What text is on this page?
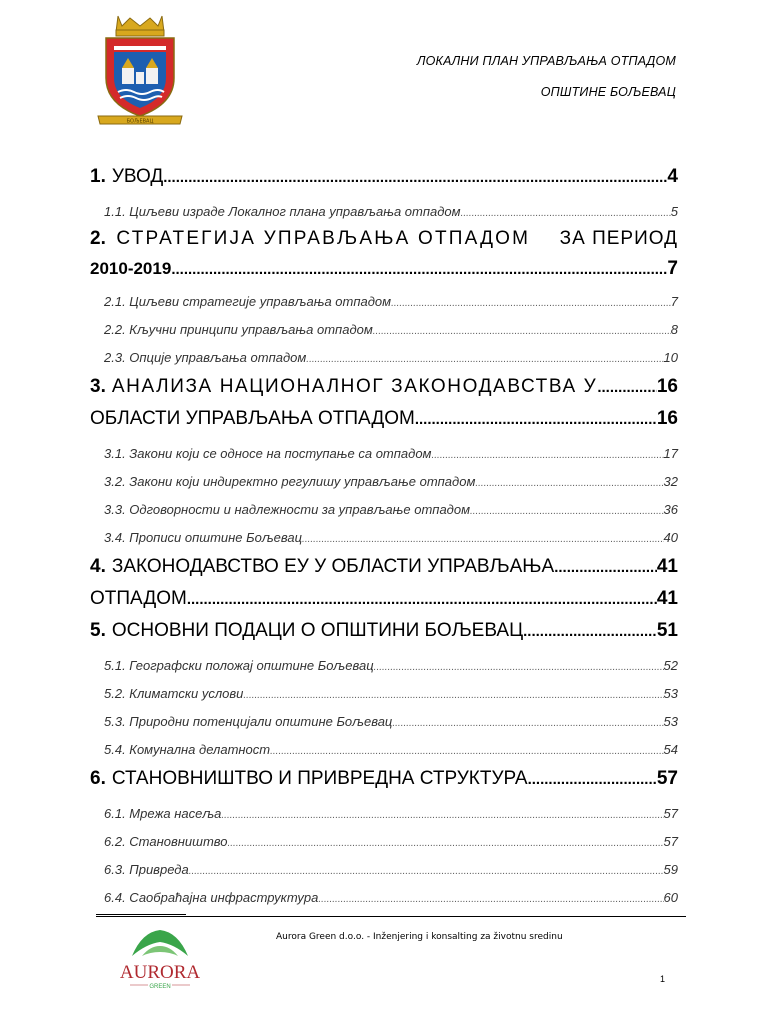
БОЉЕВАЦ
ЛОКАЛНИ ПЛАН УПРАВЉАЊА ОТПАДОМ
ОПШТИНЕ БОЉЕВАЦ
1. УВОД .....	4
1.1. Циљеви израде Локалног плана управљања отпадом .....	5
2. СТРАТЕГИЈА УПРАВЉАЊА ОТПАДОМ ЗА ПЕРИОД
2010-2019 .....	7
2.1. Циљеви стратегије управљања отпадом .....	7
2.2. Кључни принципи управљања отпадом .....	8
2.3. Опције управљања отпадом .....	10
3. АНАЛИЗА НАЦИОНАЛНОГ ЗАКОНОДАВСТВА У .....	16
ОБЛАСТИ УПРАВЉАЊА ОТПАДОМ .....	16
3.1. Закони који се односе на поступање са отпадом .....	17
3.2. Закони који индиректно регулишу управљање отпадом .....	32
3.3. Одговорности и надлежности за управљање отпадом .....	36
3.4. Прописи општине Бољевац .....	40
4. ЗАКОНОДАВСТВО ЕУ У ОБЛАСТИ УПРАВЉАЊА .....	41
ОТПАДОМ .....	41
5. ОСНОВНИ ПОДАЦИ О ОПШТИНИ БОЉЕВАЦ .....	51
5.1. Географски положај општине Бољевац .....	52
5.2. Климатски услови .....	53
5.3. Природни потенцијали општине Бољевац .....	53
5.4. Комунална делатност .....	54
6. СТАНОВНИШТВО И ПРИВРЕДНА СТРУКТУРА .....	57
6.1. Мрежа насеља .....	57
6.2. Становништво .....	57
6.3. Привреда .....	59
6.4. Саобраћајна инфраструктура .....	60
AURORA
GREEN
Aurora Green d.o.o. - Inženjering i konsalting za životnu sredinu
1
